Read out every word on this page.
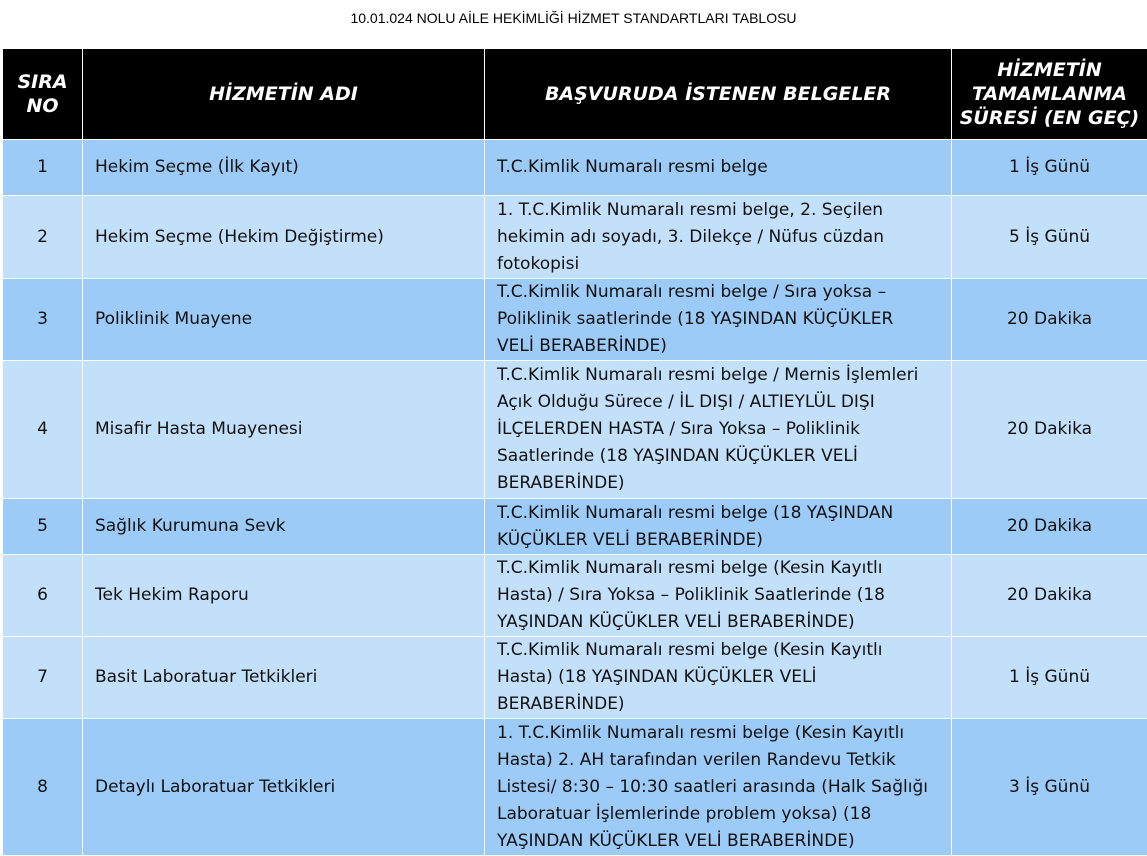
10.01.024 NOLU AİLE HEKİMLİĞİ HİZMET STANDARTLARI TABLOSU
SIRA
NO	HİZMETİN ADI	BAŞVURUDA İSTENEN BELGELER	HİZMETİN
TAMAMLANMA
SÜRESİ (EN GEÇ)

1	Hekim Seçme (İlk Kayıt)	T.C.Kimlik Numaralı resmi belge	1 İş Günü
2	Hekim Seçme (Hekim Değiştirme)	1. T.C.Kimlik Numaralı resmi belge, 2. Seçilen hekimin adı soyadı, 3. Dilekçe / Nüfus cüzdan fotokopisi	5 İş Günü
3	Poliklinik Muayene	T.C.Kimlik Numaralı resmi belge / Sıra yoksa – Poliklinik saatlerinde (18 YAŞINDAN KÜÇÜKLER VELİ BERABERİNDE)	20 Dakika
4	Misafir Hasta Muayenesi	T.C.Kimlik Numaralı resmi belge / Mernis İşlemleri Açık Olduğu Sürece / İL DIŞI / ALTIEYLÜL DIŞI İLÇELERDEN HASTA / Sıra Yoksa – Poliklinik Saatlerinde (18 YAŞINDAN KÜÇÜKLER VELİ BERABERİNDE)	20 Dakika
5	Sağlık Kurumuna Sevk	T.C.Kimlik Numaralı resmi belge (18 YAŞINDAN KÜÇÜKLER VELİ BERABERİNDE)	20 Dakika
6	Tek Hekim Raporu	T.C.Kimlik Numaralı resmi belge (Kesin Kayıtlı Hasta) / Sıra Yoksa – Poliklinik Saatlerinde (18 YAŞINDAN KÜÇÜKLER VELİ BERABERİNDE)	20 Dakika
7	Basit Laboratuar Tetkikleri	T.C.Kimlik Numaralı resmi belge (Kesin Kayıtlı Hasta) (18 YAŞINDAN KÜÇÜKLER VELİ BERABERİNDE)	1 İş Günü
8	Detaylı Laboratuar Tetkikleri	1. T.C.Kimlik Numaralı resmi belge (Kesin Kayıtlı Hasta) 2. AH tarafından verilen Randevu Tetkik Listesi/ 8:30 – 10:30 saatleri arasında (Halk Sağlığı Laboratuar İşlemlerinde problem yoksa) (18 YAŞINDAN KÜÇÜKLER VELİ BERABERİNDE)	3 İş Günü
